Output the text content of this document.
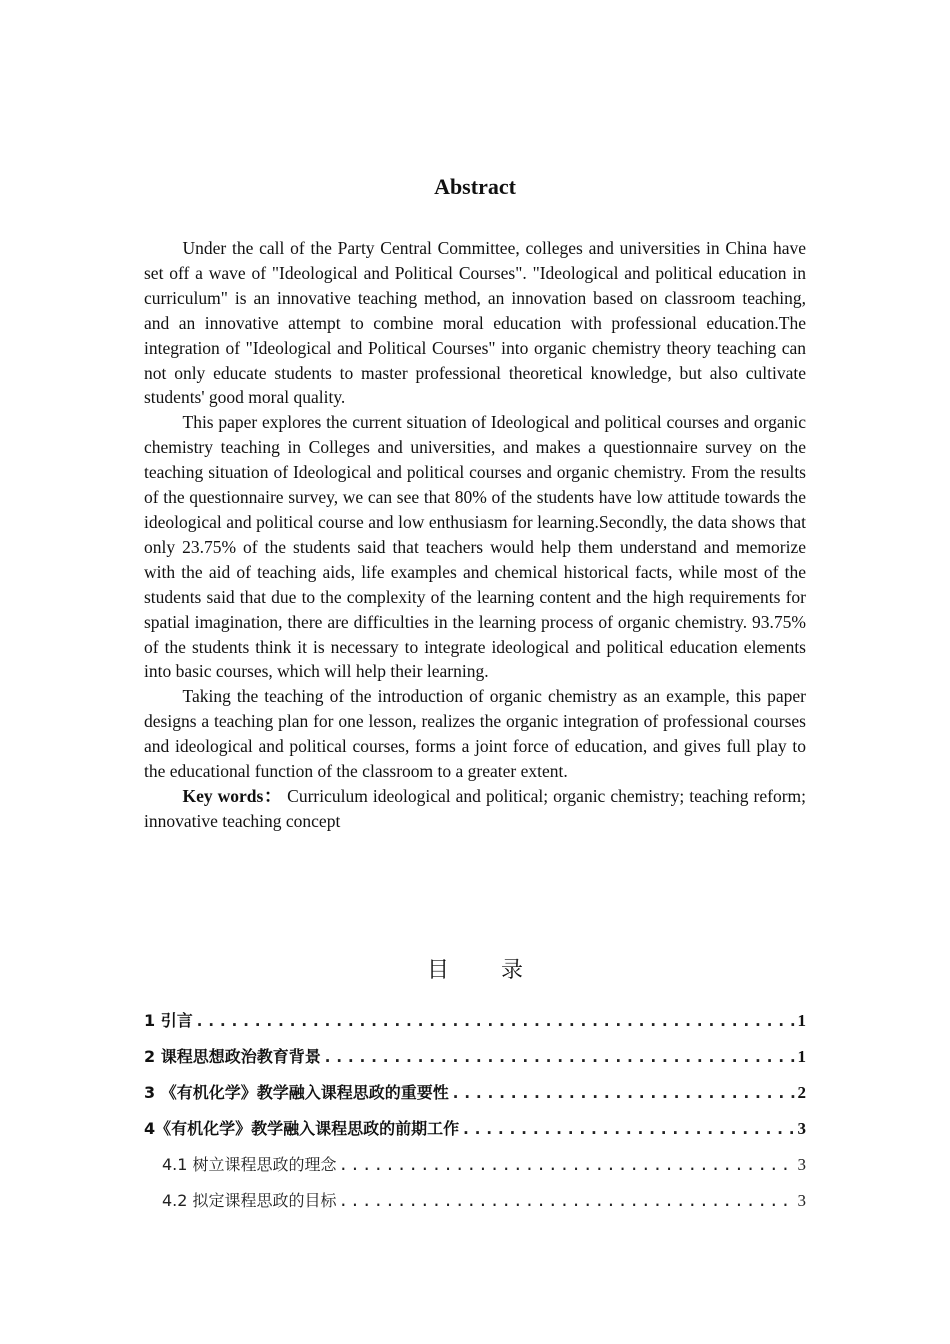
Abstract

Under the call of the Party Central Committee, colleges and universities in China have set off a wave of "Ideological and Political Courses". "Ideological and political education in curriculum" is an innovative teaching method, an innovation based on classroom teaching, and an innovative attempt to combine moral education with professional education.The integration of "Ideological and Political Courses" into organic chemistry theory teaching can not only educate students to master professional theoretical knowledge, but also cultivate students' good moral quality.

This paper explores the current situation of Ideological and political courses and organic chemistry teaching in Colleges and universities, and makes a questionnaire survey on the teaching situation of Ideological and political courses and organic chemistry. From the results of the questionnaire survey, we can see that 80% of the students have low attitude towards the ideological and political course and low enthusiasm for learning.Secondly, the data shows that only 23.75% of the students said that teachers would help them understand and memorize with the aid of teaching aids, life examples and chemical historical facts, while most of the students said that due to the complexity of the learning content and the high requirements for spatial imagination, there are difficulties in the learning process of organic chemistry. 93.75% of the students think it is necessary to integrate ideological and political education elements into basic courses, which will help their learning.

Taking the teaching of the introduction of organic chemistry as an example, this paper designs a teaching plan for one lesson, realizes the organic integration of professional courses and ideological and political courses, forms a joint force of education, and gives full play to the educational function of the classroom to a greater extent.

Key words： Curriculum ideological and political; organic chemistry; teaching reform; innovative teaching concept

目 录
1 引言 .....	1
2 课程思想政治教育背景 .....	1
3 《有机化学》教学融入课程思政的重要性 .....	2
4《有机化学》教学融入课程思政的前期工作 .....	3
4.1 树立课程思政的理念 .....	3
4.2 拟定课程思政的目标 .....	3
